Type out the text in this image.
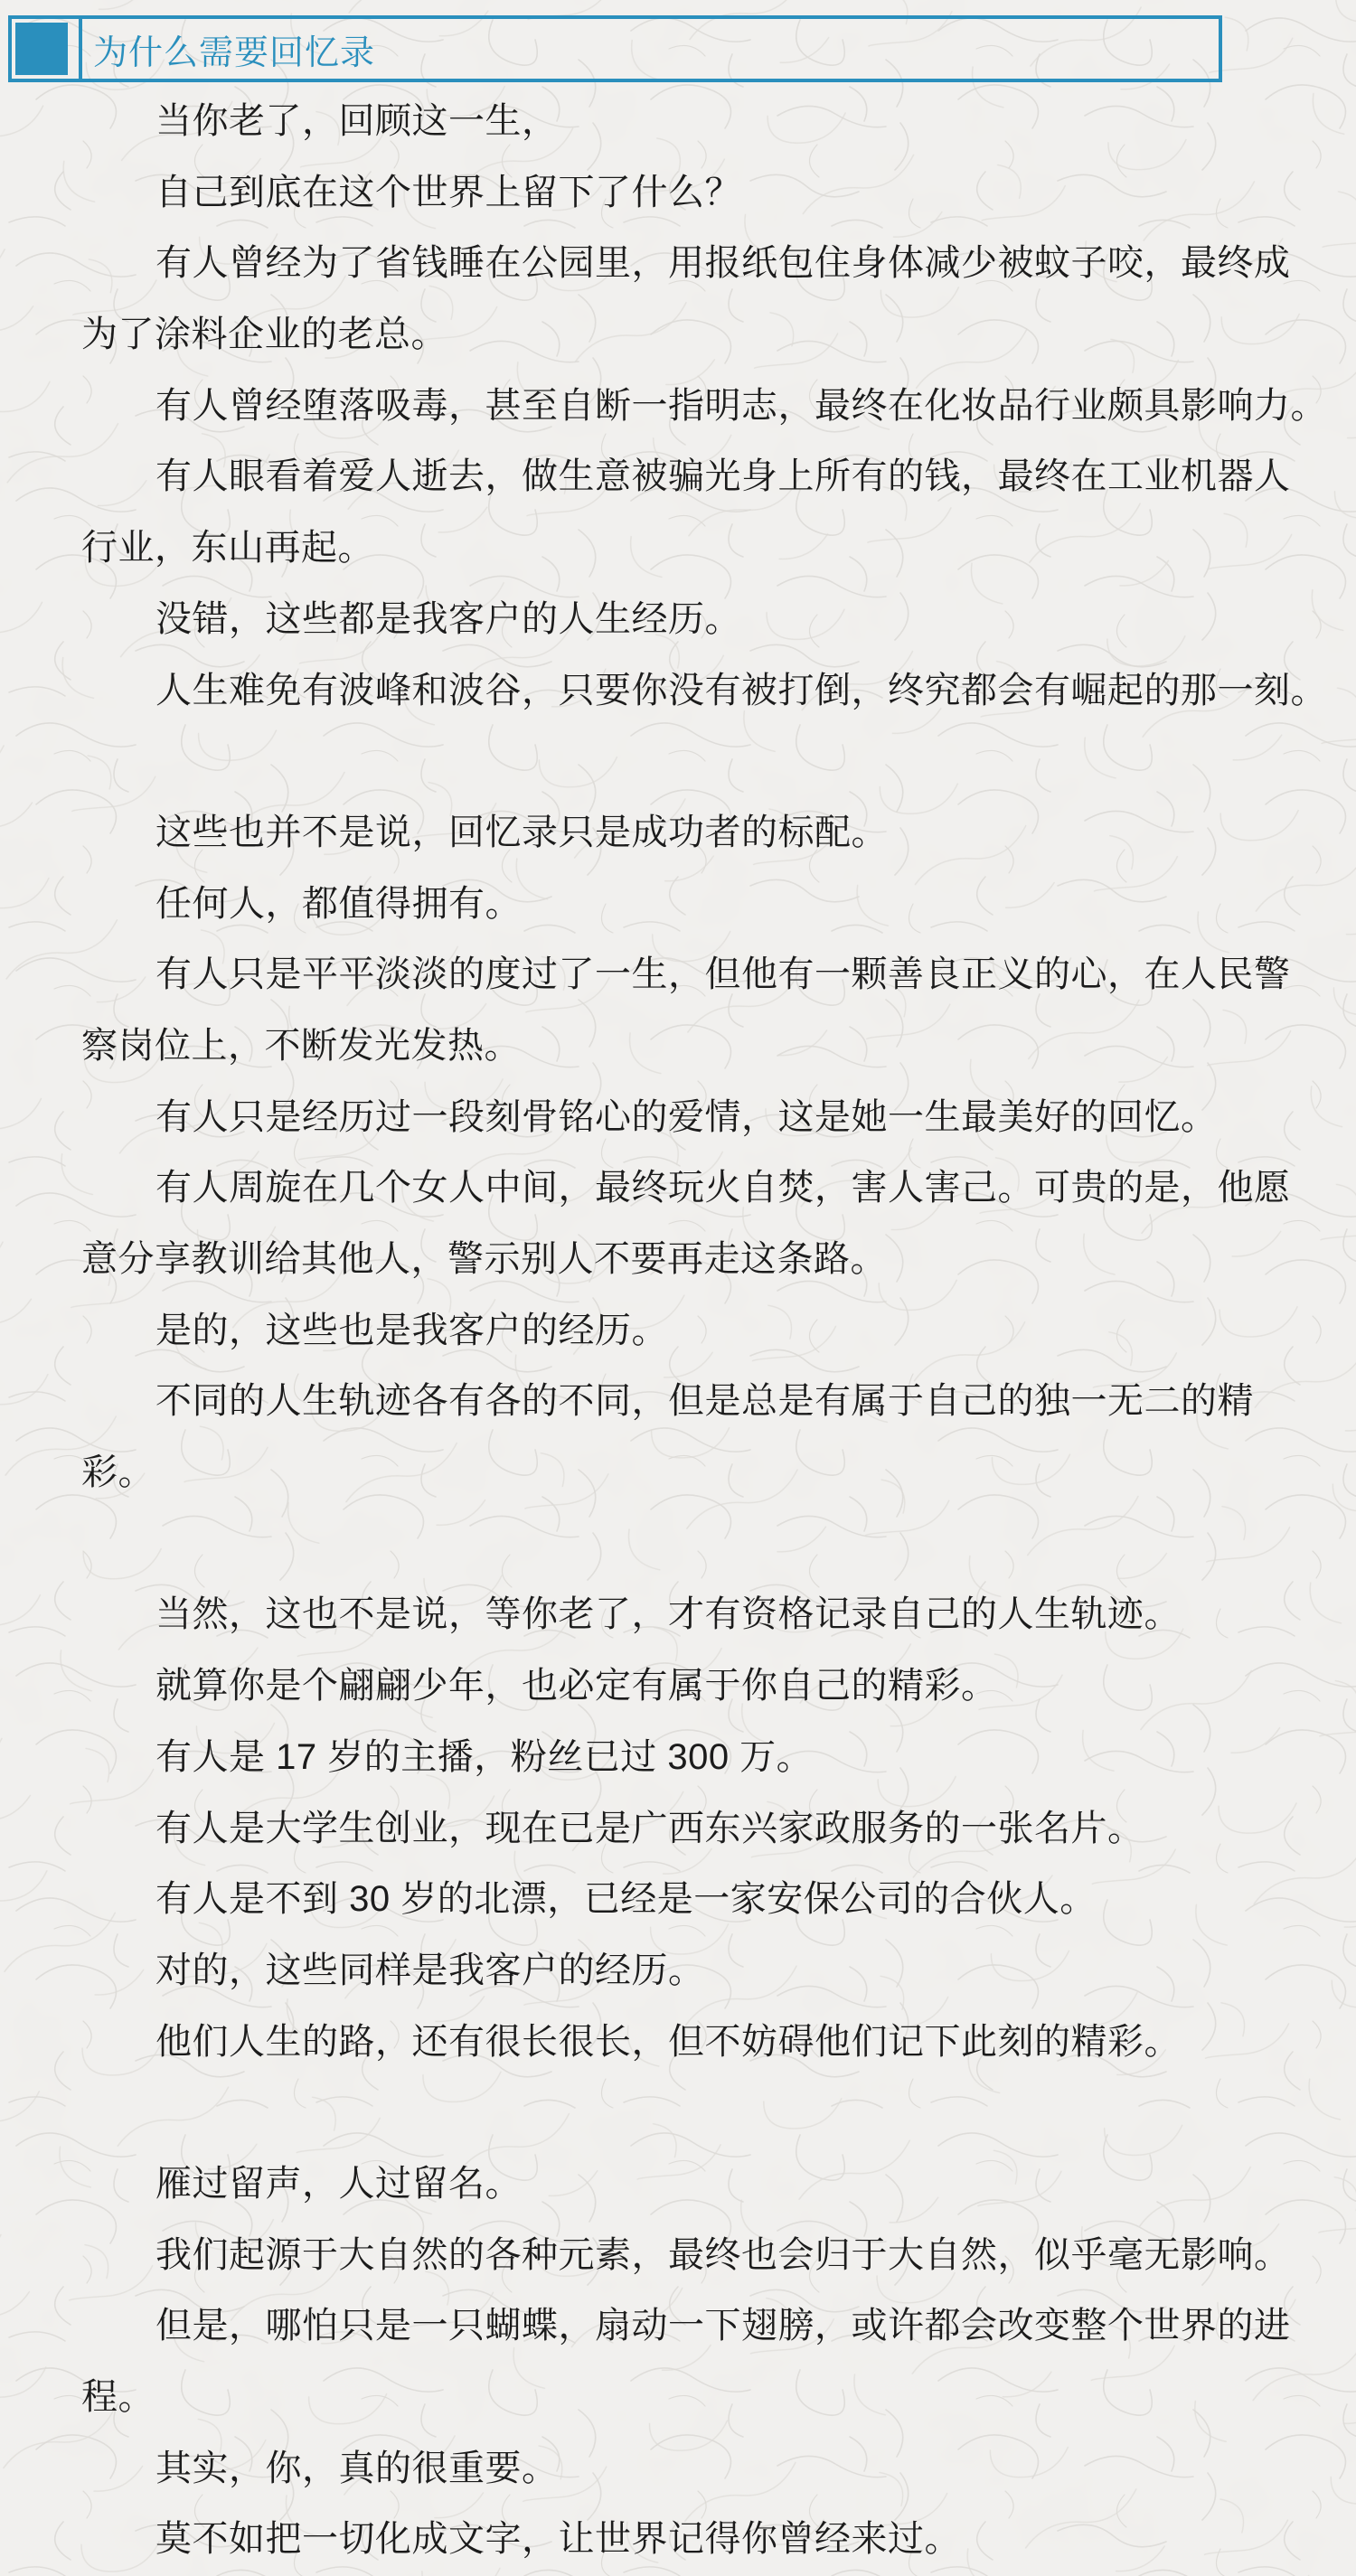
为什么需要回忆录
当你老了，回顾这一生，
自己到底在这个世界上留下了什么？
有人曾经为了省钱睡在公园里，用报纸包住身体减少被蚊子咬，最终成
为了涂料企业的老总。
有人曾经堕落吸毒，甚至自断一指明志，最终在化妆品行业颇具影响力。
有人眼看着爱人逝去，做生意被骗光身上所有的钱，最终在工业机器人
行业，东山再起。
没错，这些都是我客户的人生经历。
人生难免有波峰和波谷，只要你没有被打倒，终究都会有崛起的那一刻。
这些也并不是说，回忆录只是成功者的标配。
任何人，都值得拥有。
有人只是平平淡淡的度过了一生，但他有一颗善良正义的心，在人民警
察岗位上，不断发光发热。
有人只是经历过一段刻骨铭心的爱情，这是她一生最美好的回忆。
有人周旋在几个女人中间，最终玩火自焚，害人害己。可贵的是，他愿
意分享教训给其他人，警示别人不要再走这条路。
是的，这些也是我客户的经历。
不同的人生轨迹各有各的不同，但是总是有属于自己的独一无二的精
彩。
当然，这也不是说，等你老了，才有资格记录自己的人生轨迹。
就算你是个翩翩少年，也必定有属于你自己的精彩。
有人是 17 岁的主播，粉丝已过 300 万。
有人是大学生创业，现在已是广西东兴家政服务的一张名片。
有人是不到 30 岁的北漂，已经是一家安保公司的合伙人。
对的，这些同样是我客户的经历。
他们人生的路，还有很长很长，但不妨碍他们记下此刻的精彩。
雁过留声，人过留名。
我们起源于大自然的各种元素，最终也会归于大自然，似乎毫无影响。
但是，哪怕只是一只蝴蝶，扇动一下翅膀，或许都会改变整个世界的进
程。
其实，你，真的很重要。
莫不如把一切化成文字，让世界记得你曾经来过。
